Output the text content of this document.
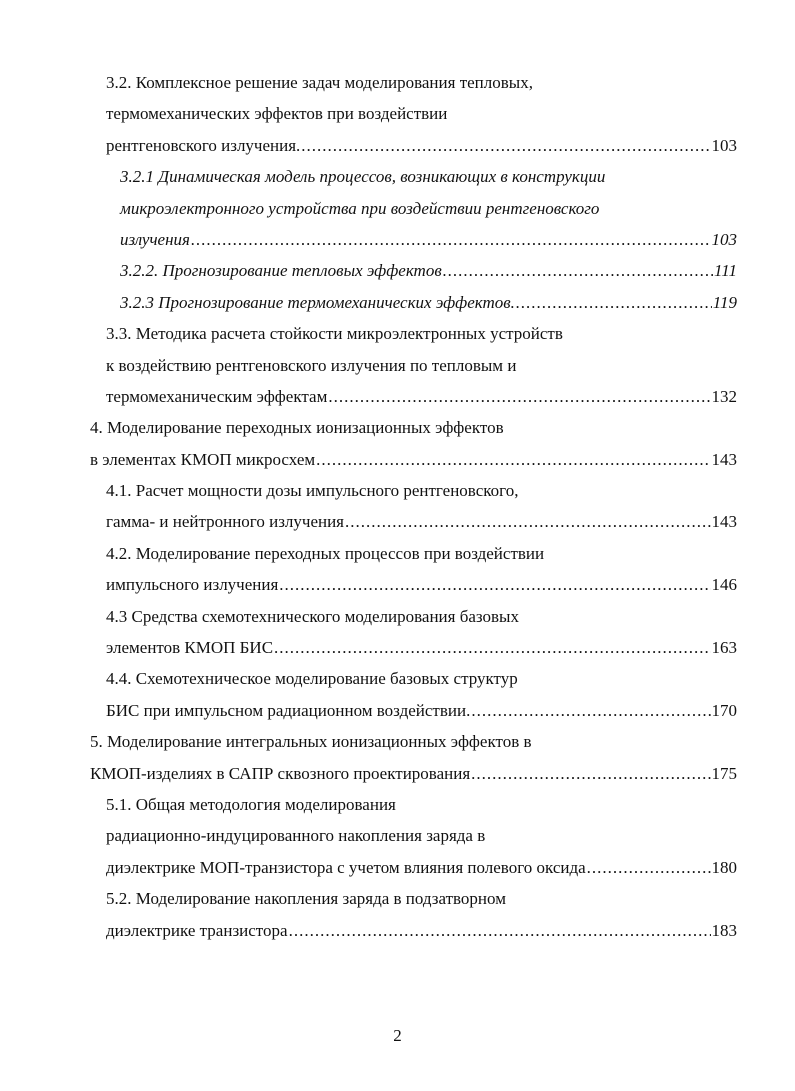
3.2. Комплексное решение задач моделирования тепловых,
термомеханических эффектов при воздействии
рентгеновского излучения. .....	103
3.2.1 Динамическая модель процессов, возникающих в конструкции
микроэлектронного устройства при воздействии рентгеновского
излучения .....	103
3.2.2. Прогнозирование тепловых эффектов .....	111
3.2.3 Прогнозирование термомеханических эффектов. .....	119
3.3. Методика расчета стойкости микроэлектронных устройств
к воздействию рентгеновского излучения по тепловым и
термомеханическим эффектам .....	132
4. Моделирование переходных ионизационных эффектов
в элементах КМОП микросхем .....	143
4.1. Расчет мощности дозы импульсного рентгеновского,
гамма- и нейтронного излучения .....	143
4.2. Моделирование переходных процессов при воздействии
импульсного излучения .....	146
4.3 Средства схемотехнического моделирования базовых
элементов КМОП БИС .....	163
4.4. Схемотехническое моделирование базовых структур
БИС при импульсном радиационном воздействии. .....	170
5. Моделирование интегральных ионизационных эффектов в
КМОП-изделиях в САПР сквозного проектирования .....	175
5.1. Общая методология моделирования
радиационно-индуцированного накопления заряда в
диэлектрике МОП-транзистора с учетом влияния полевого оксида .....	180
5.2. Моделирование накопления заряда в подзатворном
диэлектрике транзистора .....	183
2
